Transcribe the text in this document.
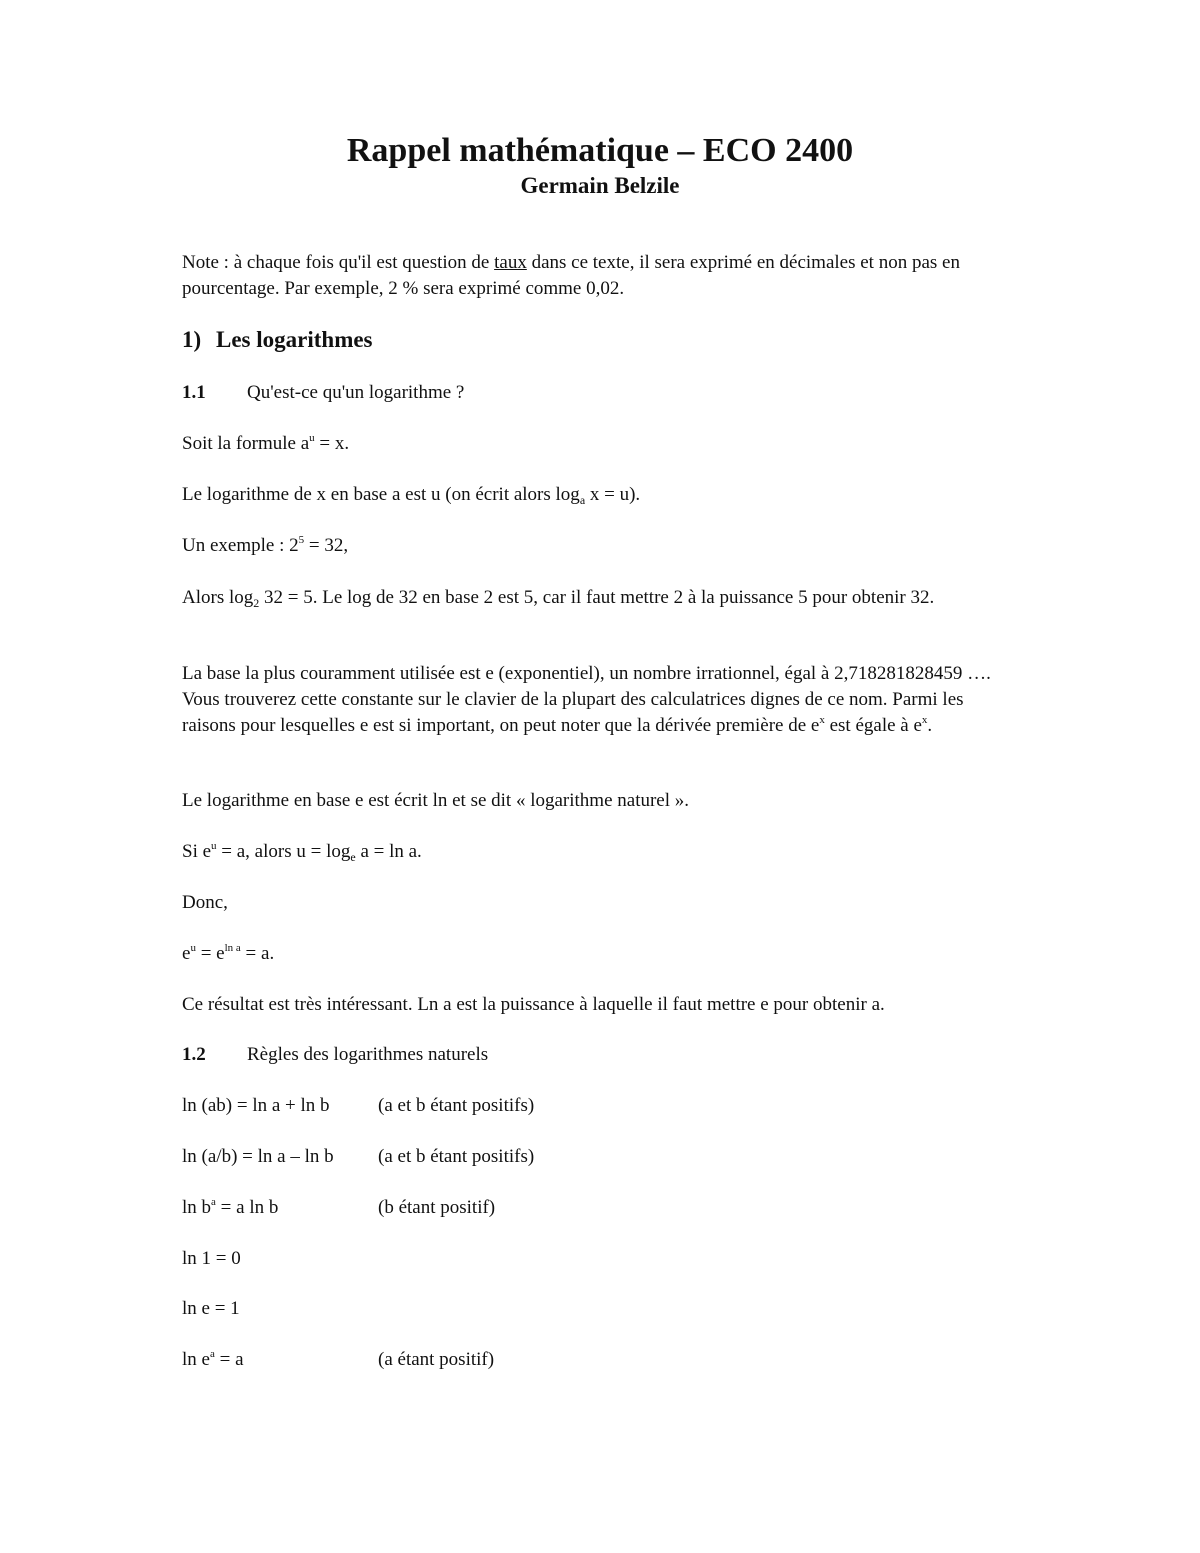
Rappel mathématique – ECO 2400
Germain Belzile
Note : à chaque fois qu'il est question de taux dans ce texte, il sera exprimé en décimales et non pas en pourcentage. Par exemple, 2 % sera exprimé comme 0,02.
1) Les logarithmes
1.1 Qu'est-ce qu'un logarithme ?
Soit la formule $a^u = x$.
Le logarithme de x en base a est u (on écrit alors $\log_a x = u$).
Un exemple : $2^5 = 32$,
Alors $\log_2 32 = 5$. Le log de 32 en base 2 est 5, car il faut mettre 2 à la puissance 5 pour obtenir 32.
La base la plus couramment utilisée est e (exponentiel), un nombre irrationnel, égal à 2,718281828459 …. Vous trouverez cette constante sur le clavier de la plupart des calculatrices dignes de ce nom. Parmi les raisons pour lesquelles e est si important, on peut noter que la dérivée première de $e^x$ est égale à $e^x$.
Le logarithme en base e est écrit ln et se dit « logarithme naturel ».
Si $e^u = a$, alors $u = \log_e a = \ln a$.
Donc,
$e^u = e^{ln a} = a$.
Ce résultat est très intéressant. Ln a est la puissance à laquelle il faut mettre e pour obtenir a.
1.2 Règles des logarithmes naturels
ln (ab) = ln a + ln b	(a et b étant positifs)
ln (a/b) = ln a – ln b (a et b étant positifs)
$\ln b^a = a$ ln b	(b étant positif)
ln 1 = 0
ln e = 1
$\ln e^a = a$	(a étant positif)
